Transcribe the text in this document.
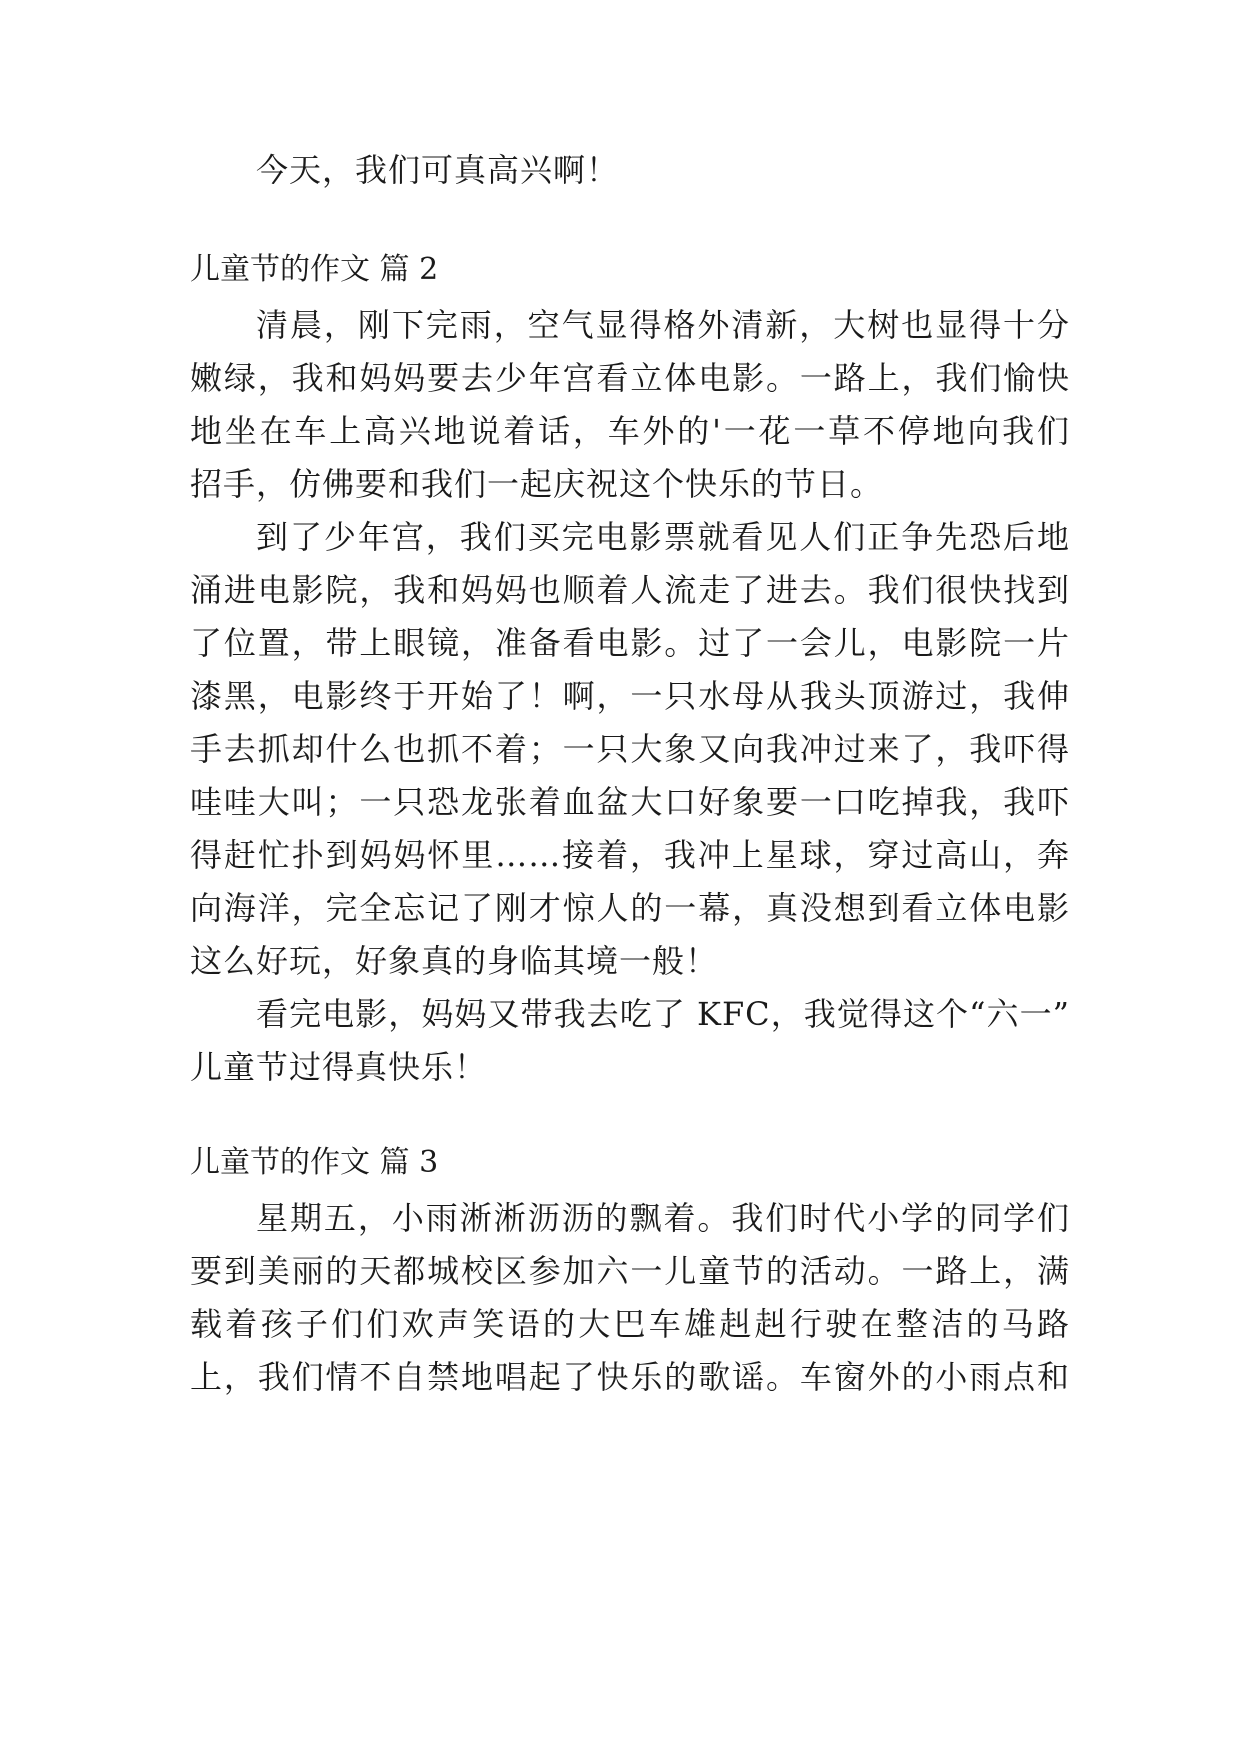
今天，我们可真高兴啊！
儿童节的作文 篇 2
清晨，刚下完雨，空气显得格外清新，大树也显得十分
嫩绿，我和妈妈要去少年宫看立体电影。一路上，我们愉快
地坐在车上高兴地说着话，车外的'一花一草不停地向我们
招手，仿佛要和我们一起庆祝这个快乐的节日。
到了少年宫，我们买完电影票就看见人们正争先恐后地
涌进电影院，我和妈妈也顺着人流走了进去。我们很快找到
了位置，带上眼镜，准备看电影。过了一会儿，电影院一片
漆黑，电影终于开始了！啊，一只水母从我头顶游过，我伸
手去抓却什么也抓不着；一只大象又向我冲过来了，我吓得
哇哇大叫；一只恐龙张着血盆大口好象要一口吃掉我，我吓
得赶忙扑到妈妈怀里……接着，我冲上星球，穿过高山，奔
向海洋，完全忘记了刚才惊人的一幕，真没想到看立体电影
这么好玩，好象真的身临其境一般！
看完电影，妈妈又带我去吃了 KFC，我觉得这个“六一”
儿童节过得真快乐！
儿童节的作文 篇 3
星期五，小雨淅淅沥沥的飘着。我们时代小学的同学们
要到美丽的天都城校区参加六一儿童节的活动。一路上，满
载着孩子们们欢声笑语的大巴车雄赳赳行驶在整洁的马路
上，我们情不自禁地唱起了快乐的歌谣。车窗外的小雨点和
